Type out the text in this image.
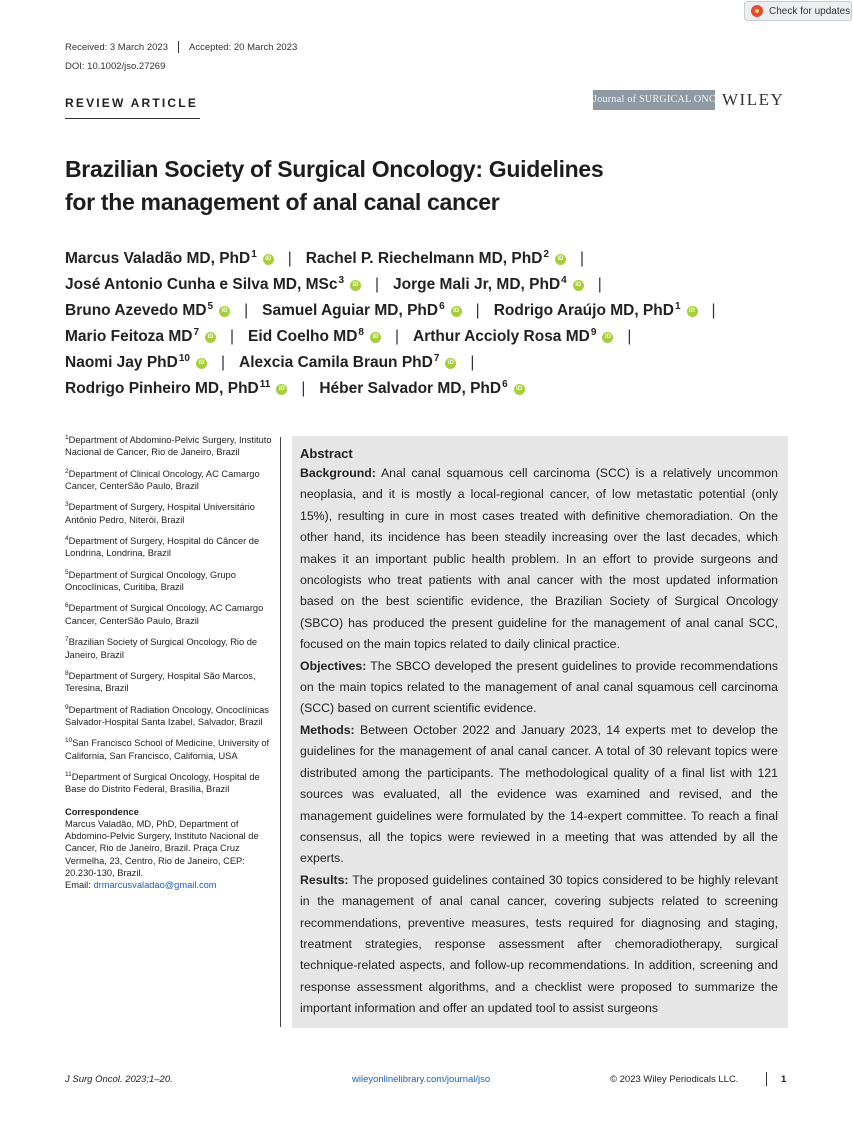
Check for updates
Received: 3 March 2023 Accepted: 20 March 2023
DOI: 10.1002/jso.27269
REVIEW ARTICLE	Journal of SURGICAL ONCOLOGY
WILEY
Brazilian Society of Surgical Oncology: Guidelines
for the management of anal canal cancer
Marcus Valadão MD, PhD$^1$	iD | Rachel P. Riechelmann MD, PhD$^2$	iD |
José Antonio Cunha e Silva MD, MSc$^3$	iD | Jorge Mali Jr, MD, PhD$^4$	iD |
Bruno Azevedo $MD^5$	iD | Samuel Aguiar MD, PhD$^6$	iD | Rodrigo Araújo MD, PhD$^1$	iD |
Mario Feitoza $MD^7$	iD | Eid Coelho $MD^8$	iD | Arthur Accioly Rosa $MD^9$	iD |
Naomi Jay PhD$^{10}$	iD | Alexcia Camila Braun PhD$^7$	iD |
Rodrigo Pinheiro MD, PhD$^{11}$	iD | Héber Salvador MD, PhD$^6$	iD

$^1$Department of Abdomino-Pelvic Surgery, Instituto Nacional de Cancer, Rio de Janeiro, Brazil

$^2$Department of Clinical Oncology, AC Camargo Cancer, CenterSão Paulo, Brazil

$^3$Department of Surgery, Hospital Universitário Antônio Pedro, Niterói, Brazil

$^4$Department of Surgery, Hospital do Câncer de Londrina, Londrina, Brazil

$^5$Department of Surgical Oncology, Grupo Oncoclínicas, Curitiba, Brazil

$^6$Department of Surgical Oncology, AC Camargo Cancer, CenterSão Paulo, Brazil

$^7$Brazilian Society of Surgical Oncology, Rio de Janeiro, Brazil

$^8$Department of Surgery, Hospital São Marcos, Teresina, Brazil

$^9$Department of Radiation Oncology, Oncoclínicas Salvador-Hospital Santa Izabel, Salvador, Brazil

$^{10}$San Francisco School of Medicine, University of California, San Francisco, California, USA

$^{11}$Department of Surgical Oncology, Hospital de Base do Distrito Federal, Brasília, Brazil

Correspondence
Marcus Valadão, MD, PhD, Department of Abdomino-Pelvic Surgery, Instituto Nacional de Cancer, Rio de Janeiro, Brazil. Praça Cruz Vermelha, 23, Centro, Rio de Janeiro, CEP: 20.230-130, Brazil.
Email: drmarcusvaladao@gmail.com
Abstract

Background: Anal canal squamous cell carcinoma (SCC) is a relatively uncommon neoplasia, and it is mostly a local-regional cancer, of low metastatic potential (only 15%), resulting in cure in most cases treated with definitive chemoradiation. On the other hand, its incidence has been steadily increasing over the last decades, which makes it an important public health problem. In an effort to provide surgeons and oncologists who treat patients with anal cancer with the most updated information based on the best scientific evidence, the Brazilian Society of Surgical Oncology (SBCO) has produced the present guideline for the management of anal canal SCC, focused on the main topics related to daily clinical practice.

Objectives: The SBCO developed the present guidelines to provide recommendations on the main topics related to the management of anal canal squamous cell carcinoma (SCC) based on current scientific evidence.

Methods: Between October 2022 and January 2023, 14 experts met to develop the guidelines for the management of anal canal cancer. A total of 30 relevant topics were distributed among the participants. The methodological quality of a final list with 121 sources was evaluated, all the evidence was examined and revised, and the management guidelines were formulated by the 14-expert committee. To reach a final consensus, all the topics were reviewed in a meeting that was attended by all the experts.

Results: The proposed guidelines contained 30 topics considered to be highly relevant in the management of anal canal cancer, covering subjects related to screening recommendations, preventive measures, tests required for diagnosing and staging, treatment strategies, response assessment after chemoradiotherapy, surgical technique-related aspects, and follow-up recommendations. In addition, screening and response assessment algorithms, and a checklist were proposed to summarize the important information and offer an updated tool to assist surgeons

J Surg Oncol. 2023;1–20.	wileyonlinelibrary.com/journal/jso	© 2023 Wiley Periodicals LLC.	1
